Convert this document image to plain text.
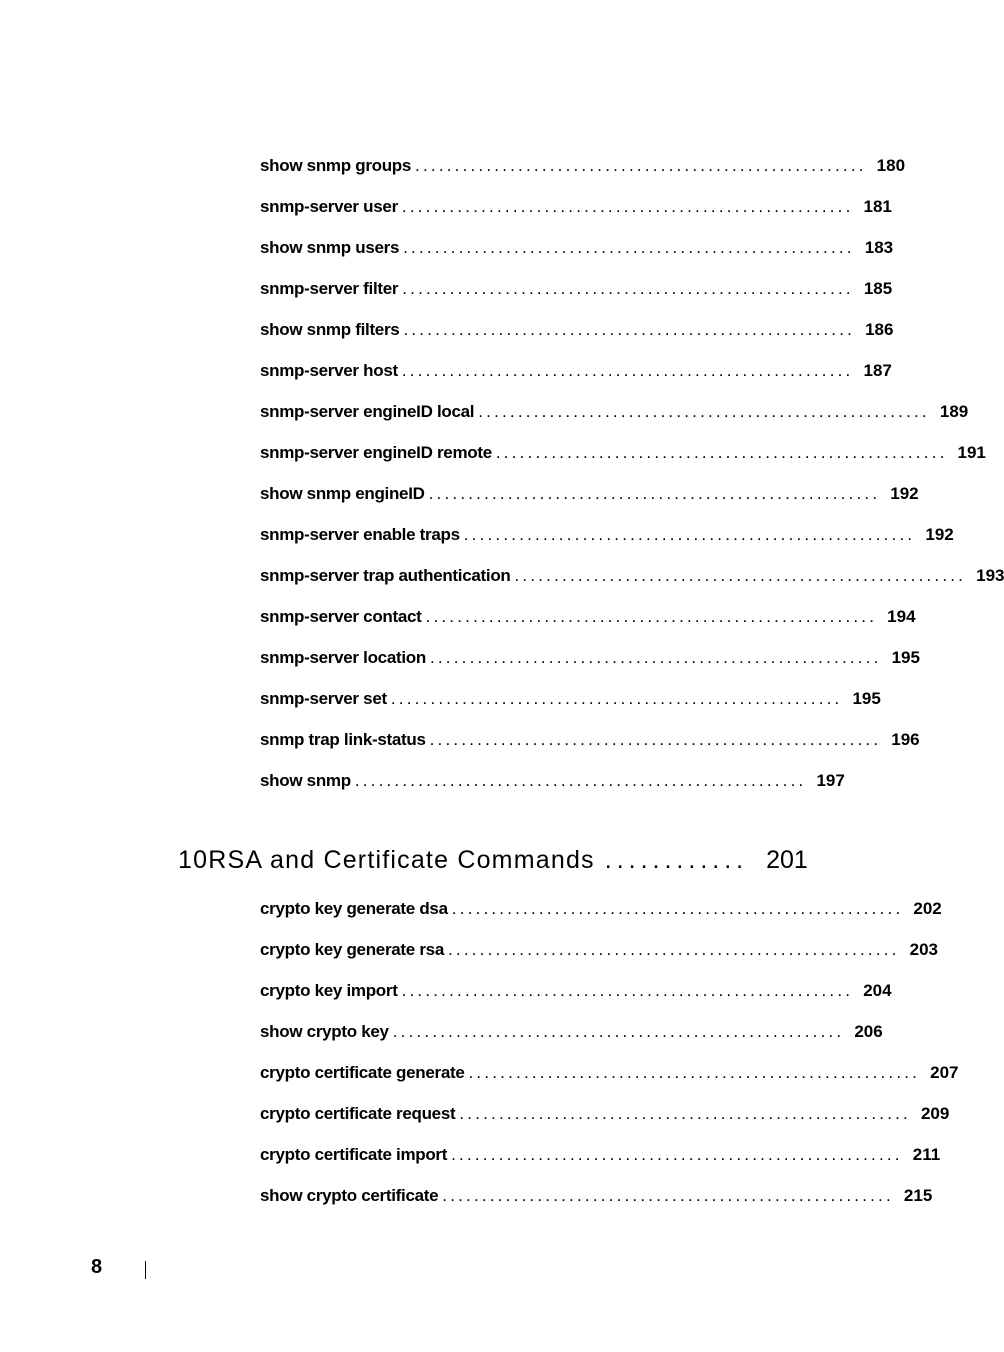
show snmp groups ......................................................... 180
snmp-server user ......................................................... 181
show snmp users ......................................................... 183
snmp-server filter ......................................................... 185
show snmp filters ......................................................... 186
snmp-server host ......................................................... 187
snmp-server engineID local ......................................................... 189
snmp-server engineID remote ......................................................... 191
show snmp engineID ......................................................... 192
snmp-server enable traps ......................................................... 192
snmp-server trap authentication ......................................................... 193
snmp-server contact ......................................................... 194
snmp-server location ......................................................... 195
snmp-server set ......................................................... 195
snmp trap link-status ......................................................... 196
show snmp ......................................................... 197
10 RSA and Certificate Commands ............ 201
crypto key generate dsa ......................................................... 202
crypto key generate rsa ......................................................... 203
crypto key import ......................................................... 204
show crypto key ......................................................... 206
crypto certificate generate ......................................................... 207
crypto certificate request ......................................................... 209
crypto certificate import ......................................................... 211
show crypto certificate ......................................................... 215
8
